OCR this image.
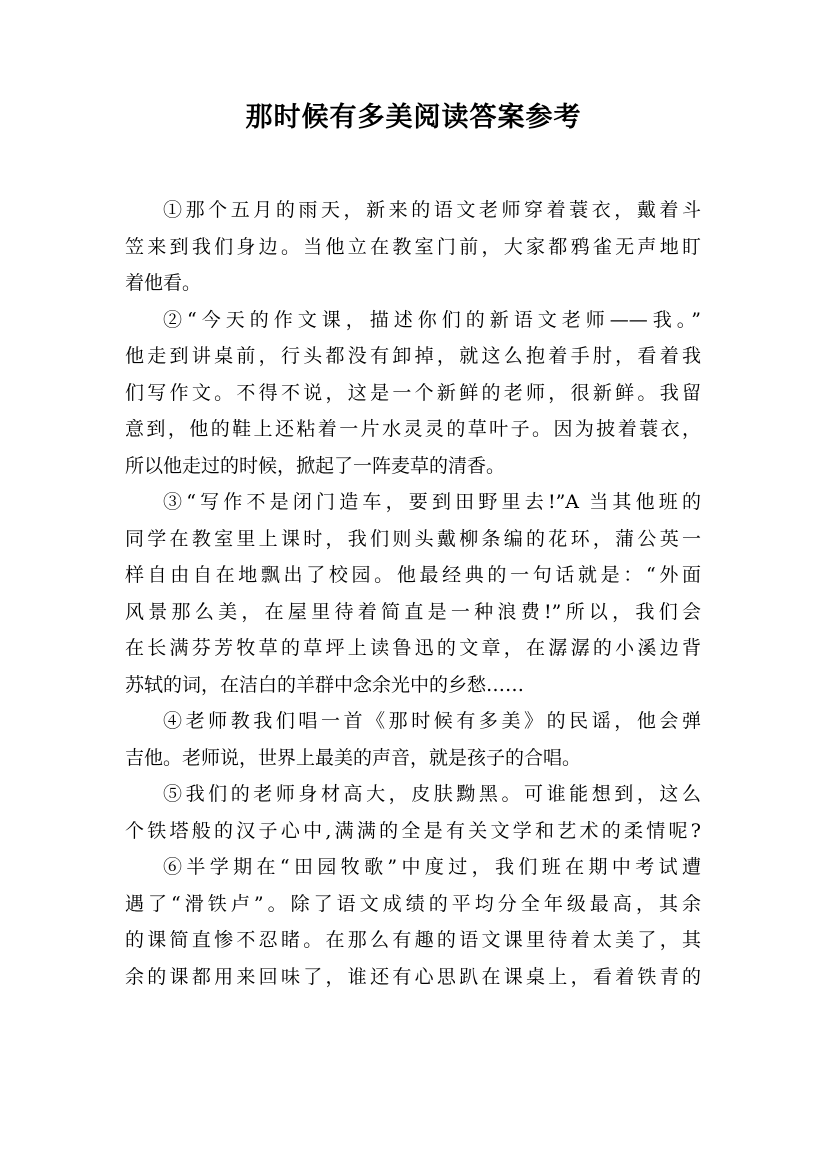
那时候有多美阅读答案参考
①那个五月的雨天，新来的语文老师穿着蓑衣，戴着斗
笠来到我们身边。当他立在教室门前，大家都鸦雀无声地盯
着他看。
②“今天的作文课，描述你们的新语文老师——我。”
他走到讲桌前，行头都没有卸掉，就这么抱着手肘，看着我
们写作文。不得不说，这是一个新鲜的老师，很新鲜。我留
意到，他的鞋上还粘着一片水灵灵的草叶子。因为披着蓑衣，
所以他走过的时候，掀起了一阵麦草的清香。
③“写作不是闭门造车，要到田野里去!”A 当其他班的
同学在教室里上课时，我们则头戴柳条编的花环，蒲公英一
样自由自在地飘出了校园。他最经典的一句话就是：“外面
风景那么美，在屋里待着简直是一种浪费!”所以，我们会
在长满芬芳牧草的草坪上读鲁迅的文章，在潺潺的小溪边背
苏轼的词，在洁白的羊群中念余光中的乡愁……
④老师教我们唱一首《那时候有多美》的民谣，他会弹
吉他。老师说，世界上最美的声音，就是孩子的合唱。
⑤我们的老师身材高大，皮肤黝黑。可谁能想到，这么
个铁塔般的汉子心中,满满的全是有关文学和艺术的柔情呢?
⑥半学期在“田园牧歌”中度过，我们班在期中考试遭
遇了“滑铁卢”。除了语文成绩的平均分全年级最高，其余
的课简直惨不忍睹。在那么有趣的语文课里待着太美了，其
余的课都用来回味了，谁还有心思趴在课桌上，看着铁青的
